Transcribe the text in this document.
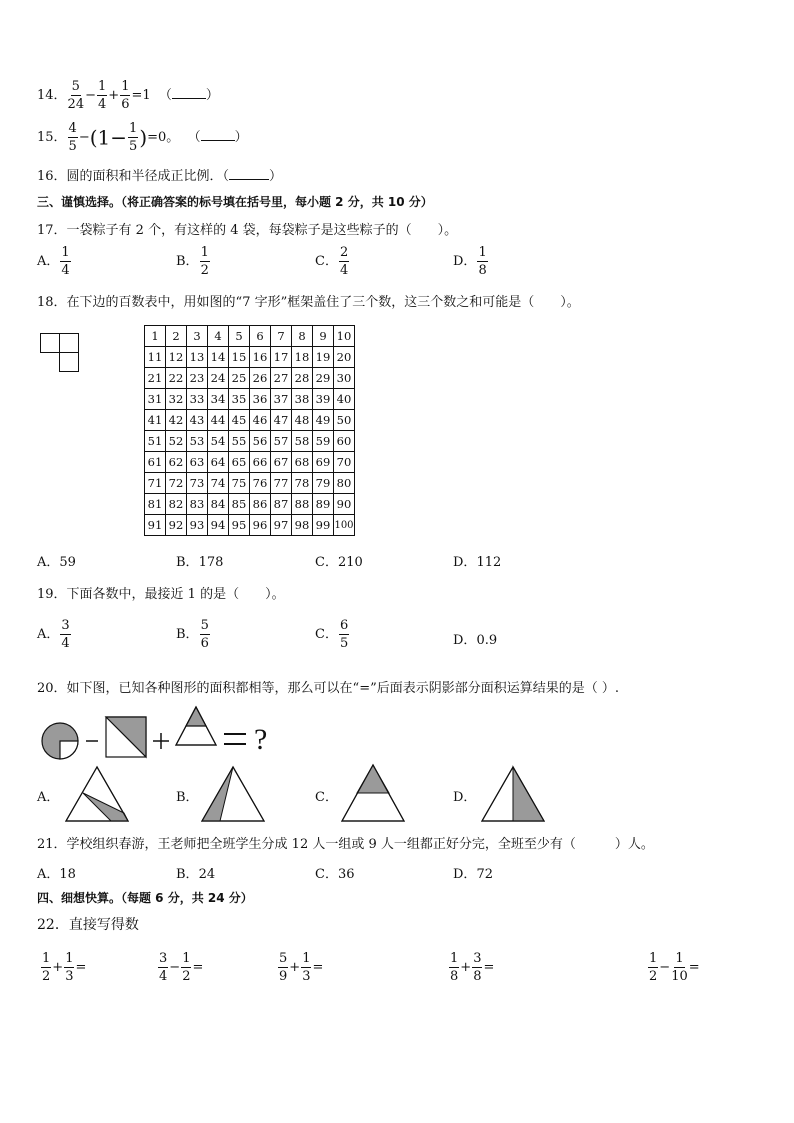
14． $\frac{5}{24} - \frac{1}{4} + \frac{1}{6} =1$ （	）
15． $\frac{4}{5} -(1- \frac{1}{5} )=0$。 （	）
16．圆的面积和半径成正比例．（	）
三、谨慎选择。（将正确答案的标号填在括号里，每小题 2 分，共 10 分）
17．一袋粽子有 2 个，有这样的 4 袋，每袋粽子是这些粽子的（　　）。
A． $\frac{1}{4}$	B． $\frac{1}{2}$	C． $\frac{2}{4}$	D． $\frac{1}{8}$
18．在下边的百数表中，用如图的“7 字形”框架盖住了三个数，这三个数之和可能是（　　）。
1	2	3	4	5	6	7	8	9	10
11	12	13	14	15	16	17	18	19	20
21	22	23	24	25	26	27	28	29	30
31	32	33	34	35	36	37	38	39	40
41	42	43	44	45	46	47	48	49	50
51	52	53	54	55	56	57	58	59	60
61	62	63	64	65	66	67	68	69	70
71	72	73	74	75	76	77	78	79	80
81	82	83	84	85	86	87	88	89	90
91	92	93	94	95	96	97	98	99	100
A．59	B．178	C．210	D．112
19．下面各数中，最接近 1 的是（　　）。
A． $\frac{3}{4}$	B． $\frac{5}{6}$	C． $\frac{6}{5}$	D．0.9
20．如下图，已知各种图形的面积都相等，那么可以在“=”后面表示阴影部分面积运算结果的是（ ）.
?
A．	B．	C．	D．
21．学校组织春游，王老师把全班学生分成 12 人一组或 9 人一组都正好分完，全班至少有（　　　）人。
A．18	B．24	C．36	D．72
四、细想快算。（每题 6 分，共 24 分）
22．直接写得数
$\frac{1}{2} + \frac{1}{3}$ =	$\frac{3}{4} - \frac{1}{2}$ =	$\frac{5}{9} + \frac{1}{3}$ =	$\frac{1}{8} + \frac{3}{8}$ =	$\frac{1}{2} - \frac{1}{10}$ =
